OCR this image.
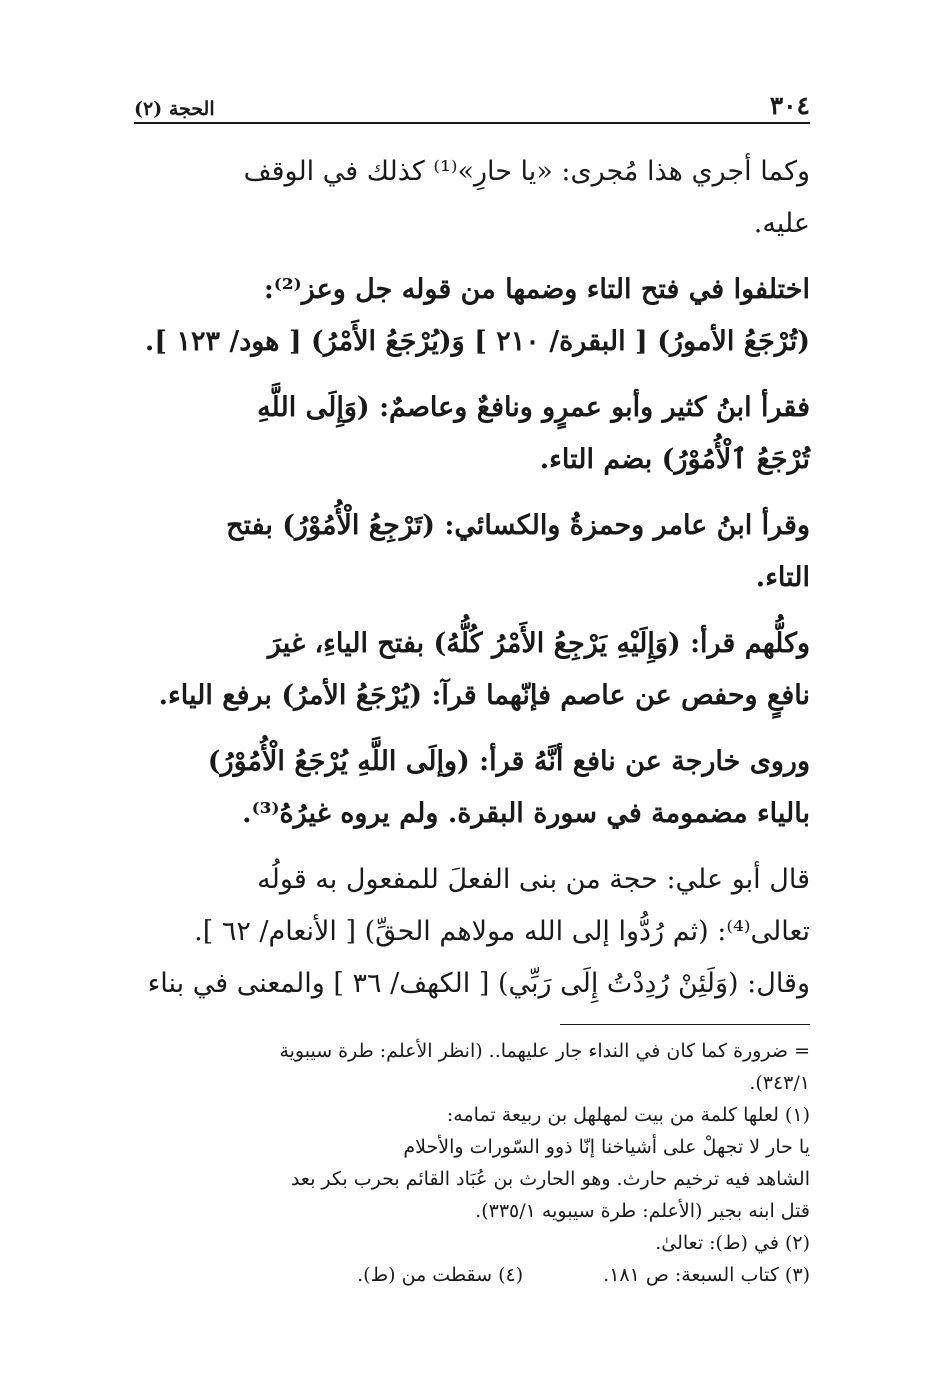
٣٠٤
الحجة (٢)

وكما أجري هذا مُجرى: «يا حارِ»⁽¹⁾ كذلك في الوقف
عليه.

اختلفوا في فتح التاء وضمها من قوله جل وعز⁽²⁾:
(تُرْجَعُ الأمورُ) [ البقرة/ ٢١٠ ] وَ(يُرْجَعُ الأَمْرُ) [ هود/ ١٢٣ ].

فقرأ ابنُ كثير وأبو عمرٍو ونافعٌ وعاصمٌ: (وَإِلَى اللَّهِ
تُرْجَعُ ٱلْأُمُوْرُ) بضم التاء.

وقرأ ابنُ عامر وحمزةُ والكسائي: (تَرْجِعُ الْأُمُوْرُ) بفتح
التاء.

وكلُّهم قرأ: (وَإِلَيْهِ يَرْجِعُ الأَمْرُ كُلُّهُ) بفتح الياءِ، غيرَ
نافعٍ وحفص عن عاصم فإنّهما قرآ: (يُرْجَعُ الأمرُ) برفع الياء.

وروى خارجة عن نافع أنَّهُ قرأ: (وإلَى اللَّهِ يُرْجَعُ الْأُمُوْرُ)
بالياء مضمومة في سورة البقرة. ولم يروه غيرُهُ⁽³⁾.

قال أبو علي: حجة من بنى الفعلَ للمفعول به قولُه
تعالى⁽⁴⁾: (ثم رُدُّوا إلى الله مولاهم الحقِّ) [ الأنعام/ ٦٢ ].
وقال: (وَلَئِنْ رُدِدْتُ إِلَى رَبِّي) [ الكهف/ ٣٦ ] والمعنى في بناء

= ضرورة كما كان في النداء جار عليهما.. (انظر الأعلم: طرة سيبوية
٣٤٣/١).
(١) لعلها كلمة من بيت لمهلهل بن ربيعة تمامه:
يا حار لا تجهلْ على أشياخنا إنّا ذوو السّورات والأحلام
الشاهد فيه ترخيم حارث. وهو الحارث بن عُبَاد القائم بحرب بكر بعد
قتل ابنه بجير (الأعلم: طرة سيبويه ٣٣٥/١).
(٢) في (ط): تعالىٰ.
(٣) كتاب السبعة: ص ١٨١.
(٤) سقطت من (ط).
